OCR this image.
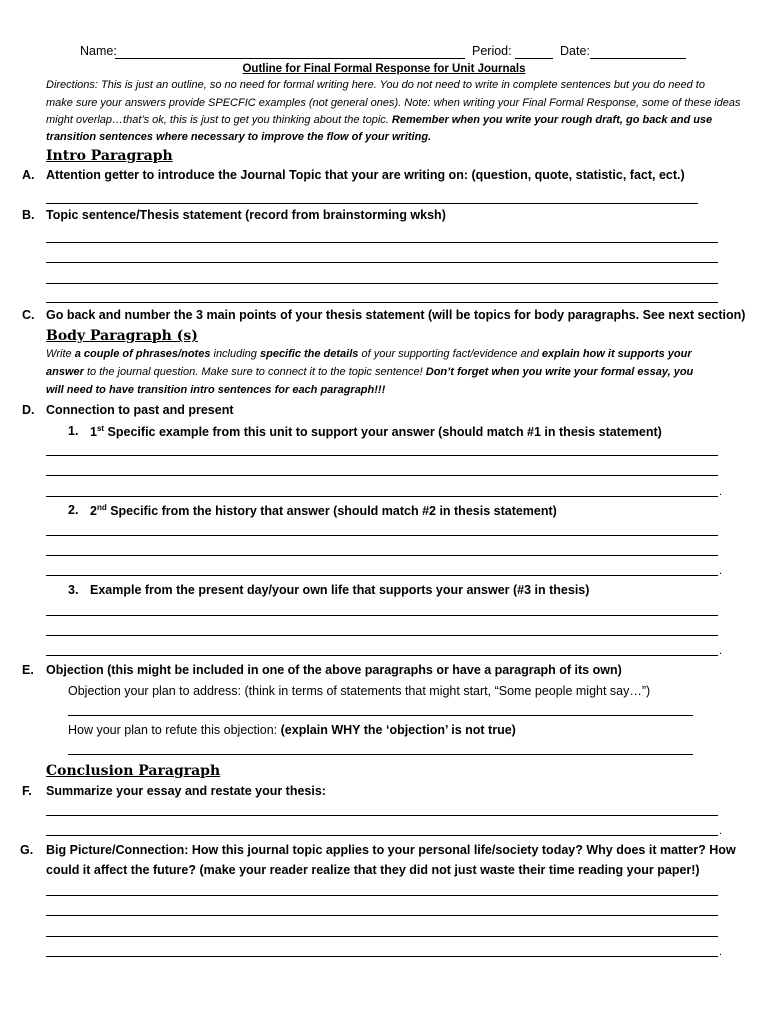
Name:	Period:	Date:
Outline for Final Formal Response for Unit Journals
Directions: This is just an outline, so no need for formal writing here. You do not need to write in complete sentences but you do need to
make sure your answers provide SPECFIC examples (not general ones). Note: when writing your Final Formal Response, some of these ideas
might overlap…that’s ok, this is just to get you thinking about the topic. Remember when you write your rough draft, go back and use
transition sentences where necessary to improve the flow of your writing.
Intro Paragraph
A. Attention getter to introduce the Journal Topic that your are writing on: (question, quote, statistic, fact, ect.)
B. Topic sentence/Thesis statement (record from brainstorming wksh)
C. Go back and number the 3 main points of your thesis statement (will be topics for body paragraphs. See next section)
Body Paragraph (s)
Write a couple of phrases/notes including specific the details of your supporting fact/evidence and explain how it supports your
answer to the journal question. Make sure to connect it to the topic sentence! Don’t forget when you write your formal essay, you
will need to have transition intro sentences for each paragraph!!!
D. Connection to past and present
1. 1st Specific example from this unit to support your answer (should match #1 in thesis statement)
.
2. 2nd Specific from the history that answer (should match #2 in thesis statement)
.
3. Example from the present day/your own life that supports your answer (#3 in thesis)
.
E. Objection (this might be included in one of the above paragraphs or have a paragraph of its own)
Objection your plan to address: (think in terms of statements that might start, “Some people might say…”)
How your plan to refute this objection: (explain WHY the ‘objection’ is not true)
Conclusion Paragraph
F. Summarize your essay and restate your thesis:
.
G. Big Picture/Connection: How this journal topic applies to your personal life/society today? Why does it matter? How
could it affect the future? (make your reader realize that they did not just waste their time reading your paper!)
.
